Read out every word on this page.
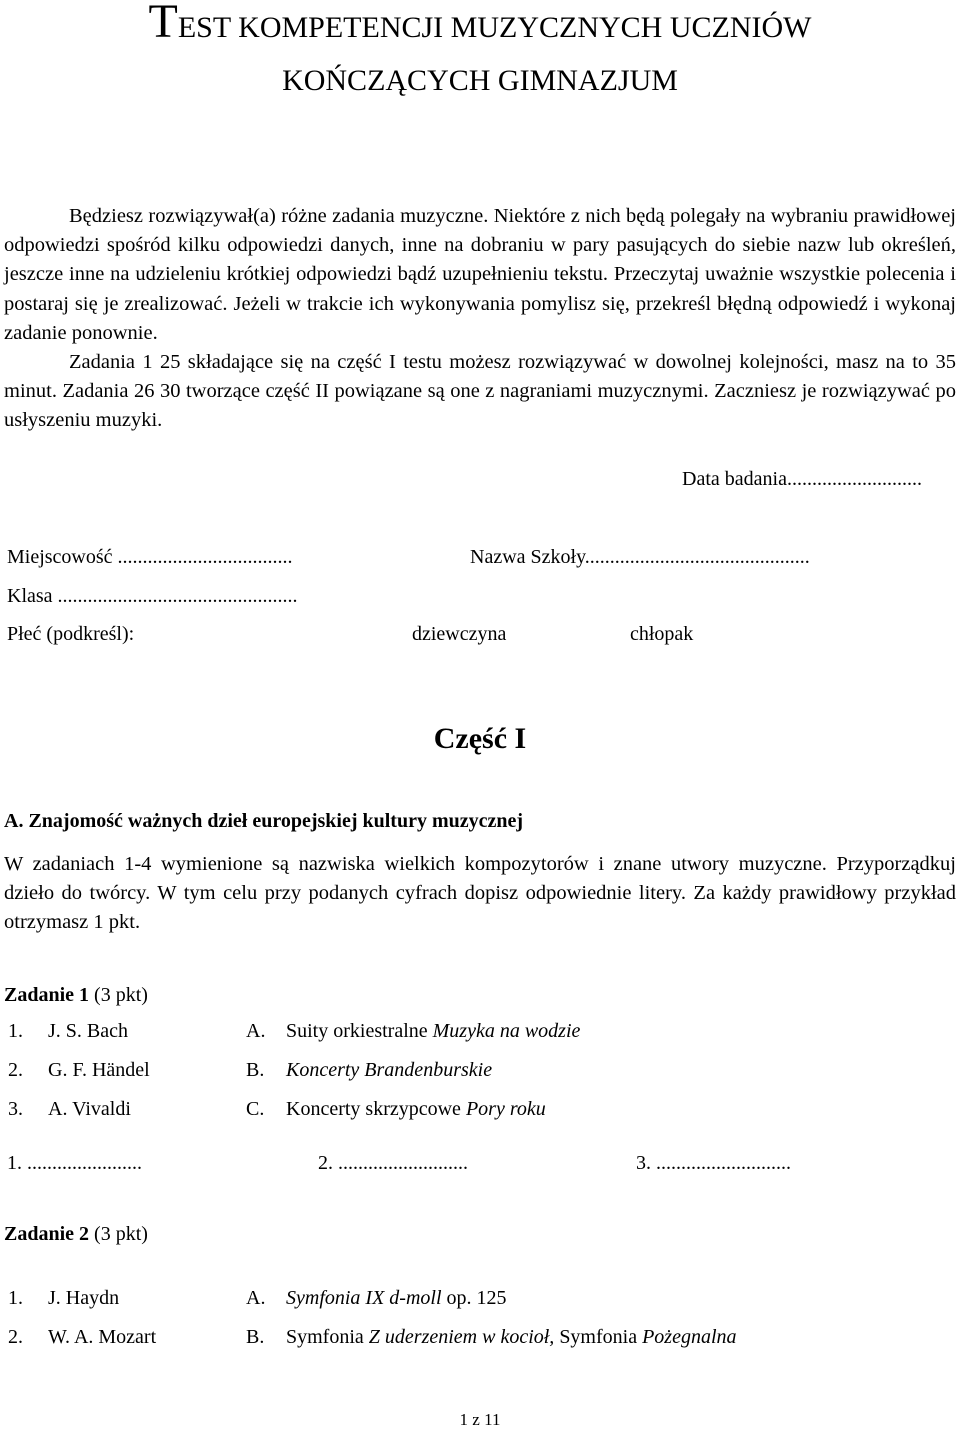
TEST KOMPETENCJI MUZYCZNYCH UCZNIÓW
KOŃCZĄCYCH GIMNAZJUM
Będziesz rozwiązywał(a) różne zadania muzyczne. Niektóre z nich będą polegały na wybraniu prawidłowej odpowiedzi spośród kilku odpowiedzi danych, inne na dobraniu w pary pasujących do siebie nazw lub określeń, jeszcze inne na udzieleniu krótkiej odpowiedzi bądź uzupełnieniu tekstu. Przeczytaj uważnie wszystkie polecenia i postaraj się je zrealizować. Jeżeli w trakcie ich wykonywania pomylisz się, przekreśl błędną odpowiedź i wykonaj zadanie ponownie.
Zadania 1 25 składające się na część I testu możesz rozwiązywać w dowolnej kolejności, masz na to 35 minut. Zadania 26 30 tworzące część II powiązane są one z nagraniami muzycznymi. Zaczniesz je rozwiązywać po usłyszeniu muzyki.
Data badania...........................
Miejscowość ...................................	Nazwa Szkoły.............................................
Klasa ................................................
Płeć (podkreśl):	dziewczyna	chłopak
Część I
A. Znajomość ważnych dzieł europejskiej kultury muzycznej
W zadaniach 1-4 wymienione są nazwiska wielkich kompozytorów i znane utwory muzyczne. Przyporządkuj dzieło do twórcy. W tym celu przy podanych cyfrach dopisz odpowiednie litery. Za każdy prawidłowy przykład otrzymasz 1 pkt.
Zadanie 1 (3 pkt)
1. J. S. Bach	A. Suity orkiestralne Muzyka na wodzie
2. G. F. Händel	B. Koncerty Brandenburskie
3. A. Vivaldi	C. Koncerty skrzypcowe Pory roku
1. .......................	2. ..........................	3. ...........................
Zadanie 2 (3 pkt)
1. J. Haydn	A. Symfonia IX d-moll op. 125
2. W. A. Mozart	B. Symfonia Z uderzeniem w kocioł, Symfonia Pożegnalna
1 z 11
